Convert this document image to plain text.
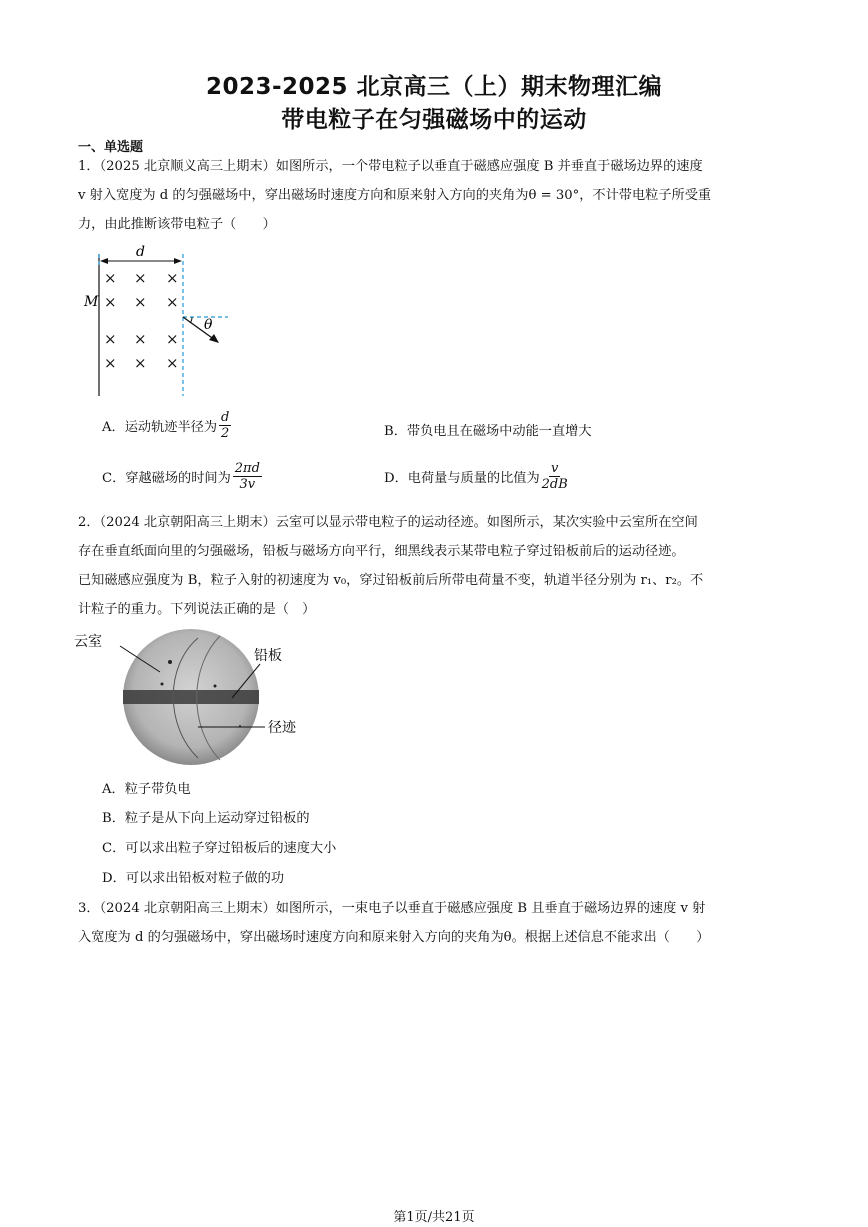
2023-2025 北京高三（上）期末物理汇编
带电粒子在匀强磁场中的运动
一、单选题
1．（2025 北京顺义高三上期末）如图所示，一个带电粒子以垂直于磁感应强度 B 并垂直于磁场边界的速度
v 射入宽度为 d 的匀强磁场中，穿出磁场时速度方向和原来射入方向的夹角为θ = 30°，不计带电粒子所受重
力，由此推断该带电粒子（　　）
d
× × ×
× × ×
× × ×
× × ×
M
θ
A．运动轨迹半径为 $\frac{d}{2}$	B．带负电且在磁场中动能一直增大
C．穿越磁场的时间为 $\frac{2\pi d}{3v}$	D．电荷量与质量的比值为 $\frac{v}{2dB}$
2．（2024 北京朝阳高三上期末）云室可以显示带电粒子的运动径迹。如图所示，某次实验中云室所在空间
存在垂直纸面向里的匀强磁场，铅板与磁场方向平行，细黑线表示某带电粒子穿过铅板前后的运动径迹。
已知磁感应强度为 B，粒子入射的初速度为 v₀，穿过铅板前后所带电荷量不变，轨道半径分别为 r₁、r₂。不
计粒子的重力。下列说法正确的是（　）
云室
铅板
径迹
A．粒子带负电
B．粒子是从下向上运动穿过铅板的
C．可以求出粒子穿过铅板后的速度大小
D．可以求出铅板对粒子做的功
3．（2024 北京朝阳高三上期末）如图所示，一束电子以垂直于磁感应强度 B 且垂直于磁场边界的速度 v 射
入宽度为 d 的匀强磁场中，穿出磁场时速度方向和原来射入方向的夹角为θ。根据上述信息不能求出（　　）
第1页/共21页
